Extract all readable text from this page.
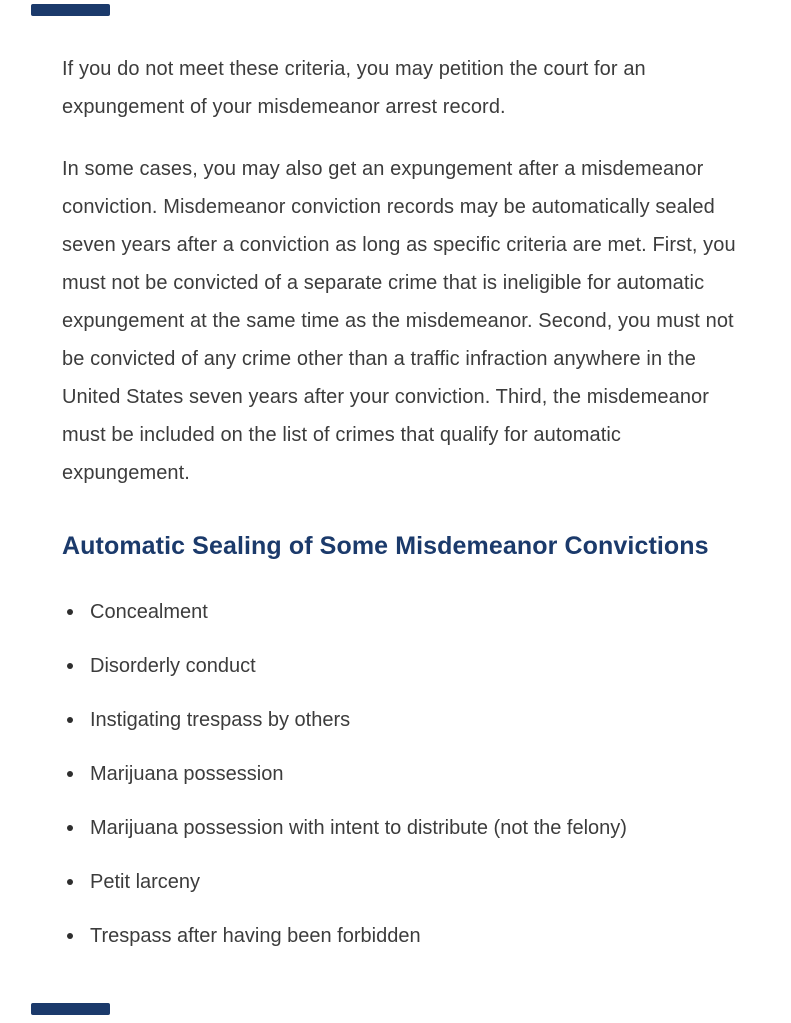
If you do not meet these criteria, you may petition the court for an expungement of your misdemeanor arrest record.

In some cases, you may also get an expungement after a misdemeanor conviction. Misdemeanor conviction records may be automatically sealed seven years after a conviction as long as specific criteria are met. First, you must not be convicted of a separate crime that is ineligible for automatic expungement at the same time as the misdemeanor. Second, you must not be convicted of any crime other than a traffic infraction anywhere in the United States seven years after your conviction. Third, the misdemeanor must be included on the list of crimes that qualify for automatic expungement.

Automatic Sealing of Some Misdemeanor Convictions
Concealment
Disorderly conduct
Instigating trespass by others
Marijuana possession
Marijuana possession with intent to distribute (not the felony)
Petit larceny
Trespass after having been forbidden
